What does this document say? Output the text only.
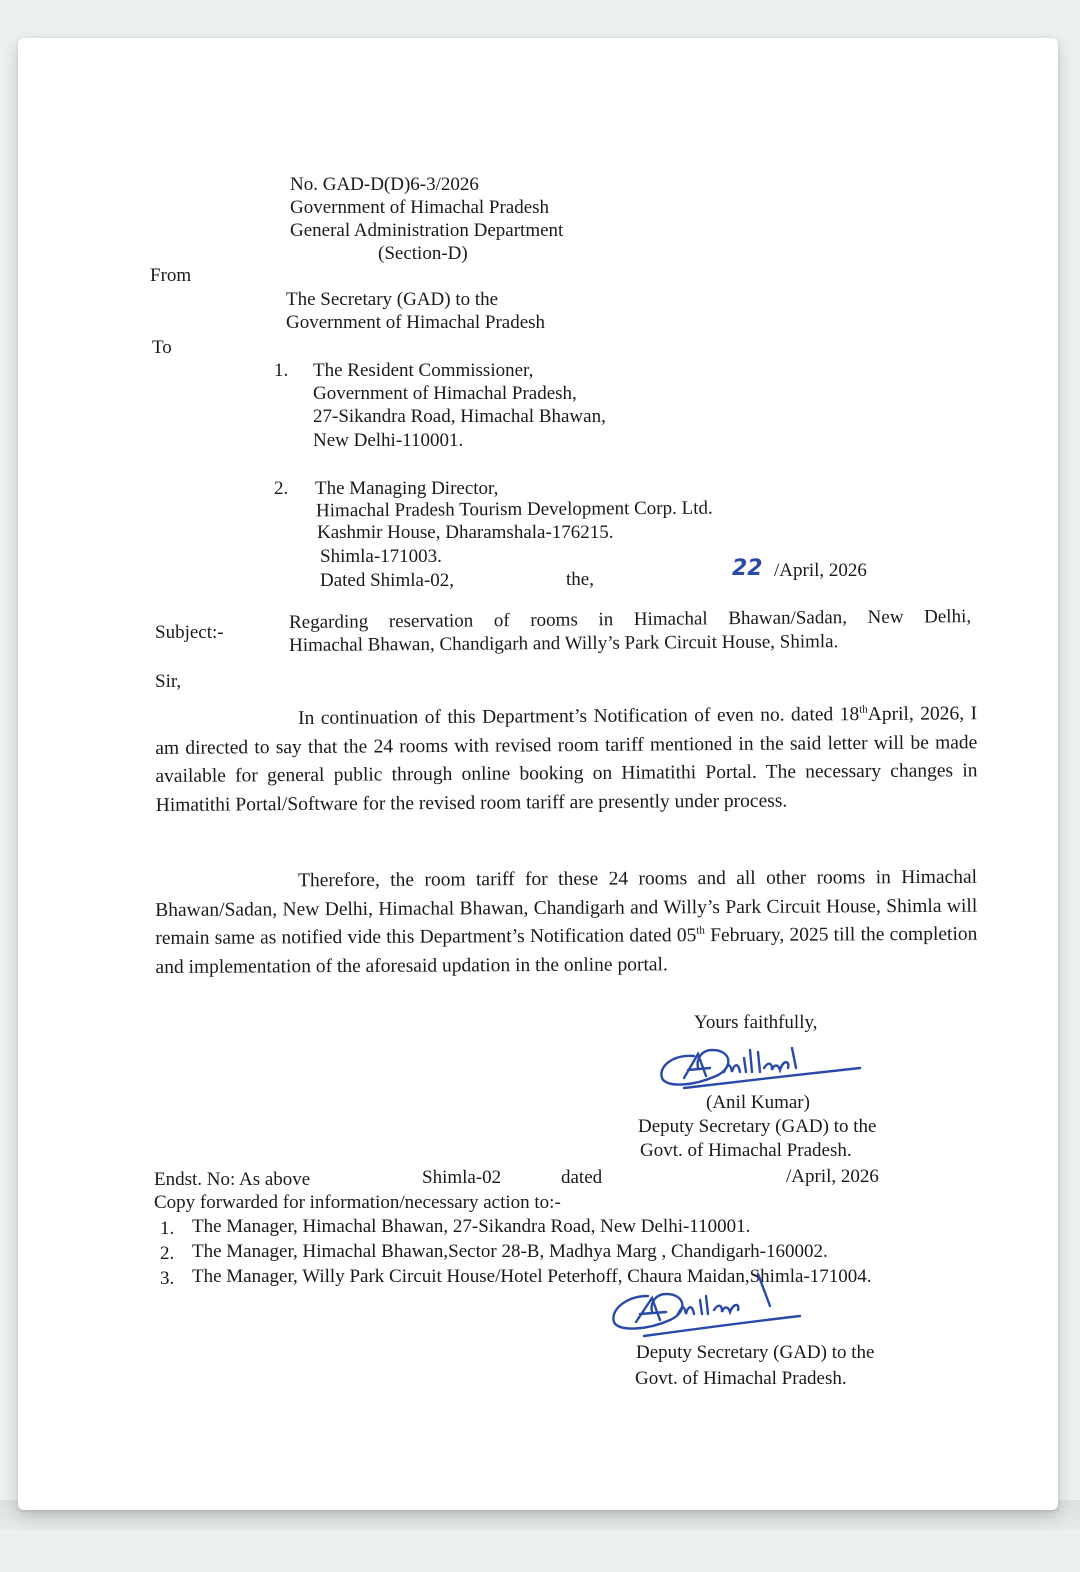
No. GAD-D(D)6-3/2026
Government of Himachal Pradesh
General Administration Department
(Section-D)
From
The Secretary (GAD) to the
Government of Himachal Pradesh
To
1. The Resident Commissioner,
Government of Himachal Pradesh,
27-Sikandra Road, Himachal Bhawan,
New Delhi-110001.
2. The Managing Director,
Himachal Pradesh Tourism Development Corp. Ltd.
Kashmir House, Dharamshala-176215.
Shimla-171003.
Dated Shimla-02,	the,	22 /April, 2026
Subject:-	Regarding reservation of rooms in Himachal Bhawan/Sadan, New Delhi,
Himachal Bhawan, Chandigarh and Willy’s Park Circuit House, Shimla.
Sir,
In continuation of this Department’s Notification of even no. dated 18thApril, 2026, I am directed to say that the 24 rooms with revised room tariff mentioned in the said letter will be made available for general public through online booking on Himatithi Portal. The necessary changes in Himatithi Portal/Software for the revised room tariff are presently under process.
Therefore, the room tariff for these 24 rooms and all other rooms in Himachal Bhawan/Sadan, New Delhi, Himachal Bhawan, Chandigarh and Willy’s Park Circuit House, Shimla will remain same as notified vide this Department’s Notification dated 05th February, 2025 till the completion and implementation of the aforesaid updation in the online portal.
Yours faithfully,
(Anil Kumar)
Deputy Secretary (GAD) to the
Govt. of Himachal Pradesh.
Endst. No: As above	Shimla-02	dated	/April, 2026
Copy forwarded for information/necessary action to:-
1. The Manager, Himachal Bhawan, 27-Sikandra Road, New Delhi-110001.
2. The Manager, Himachal Bhawan,Sector 28-B, Madhya Marg , Chandigarh-160002.
3. The Manager, Willy Park Circuit House/Hotel Peterhoff, Chaura Maidan,Shimla-171004.
Deputy Secretary (GAD) to the
Govt. of Himachal Pradesh.
